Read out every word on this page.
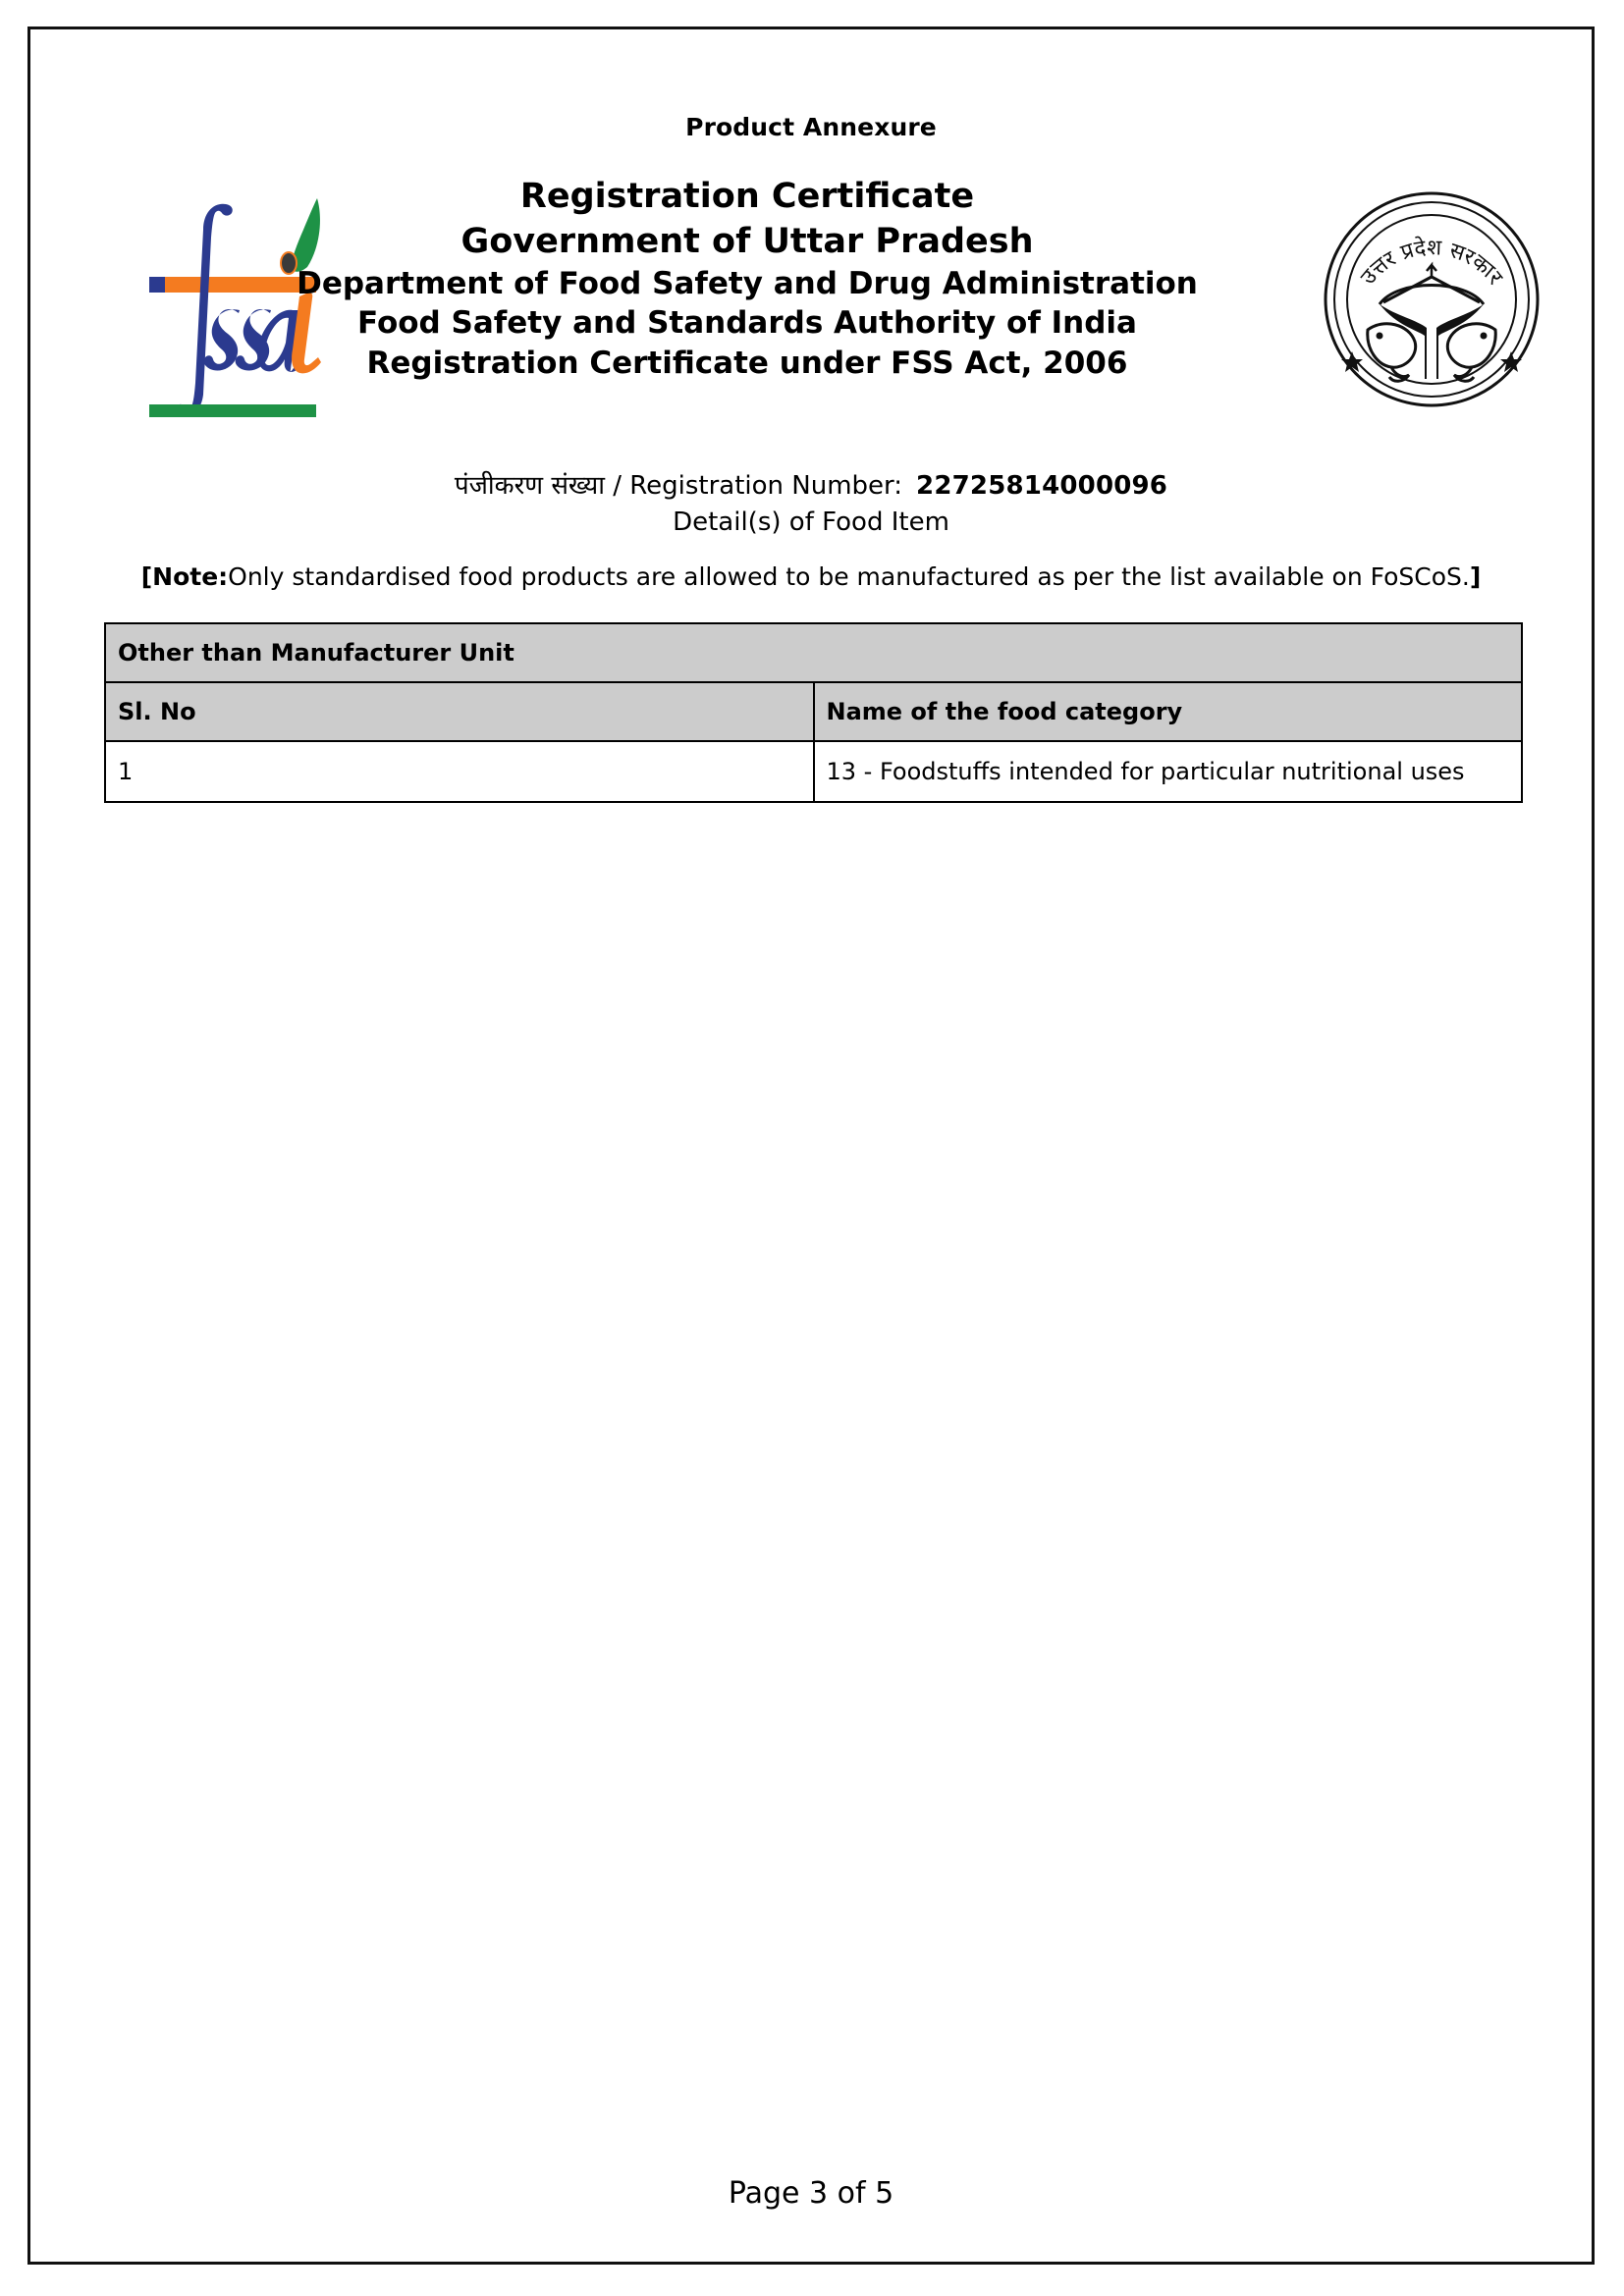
Product Annexure
उत्तर प्रदेश सरकार
Registration Certificate
Government of Uttar Pradesh
Department of Food Safety and Drug Administration
Food Safety and Standards Authority of India
Registration Certificate under FSS Act, 2006
पंजीकरण संख्या / Registration Number: 22725814000096
Detail(s) of Food Item
[Note:Only standardised food products are allowed to be manufactured as per the list available on FoSCoS.]
Other than Manufacturer Unit	
Sl. No	Name of the food category
1	13 - Foodstuffs intended for particular nutritional uses
Page 3 of 5
